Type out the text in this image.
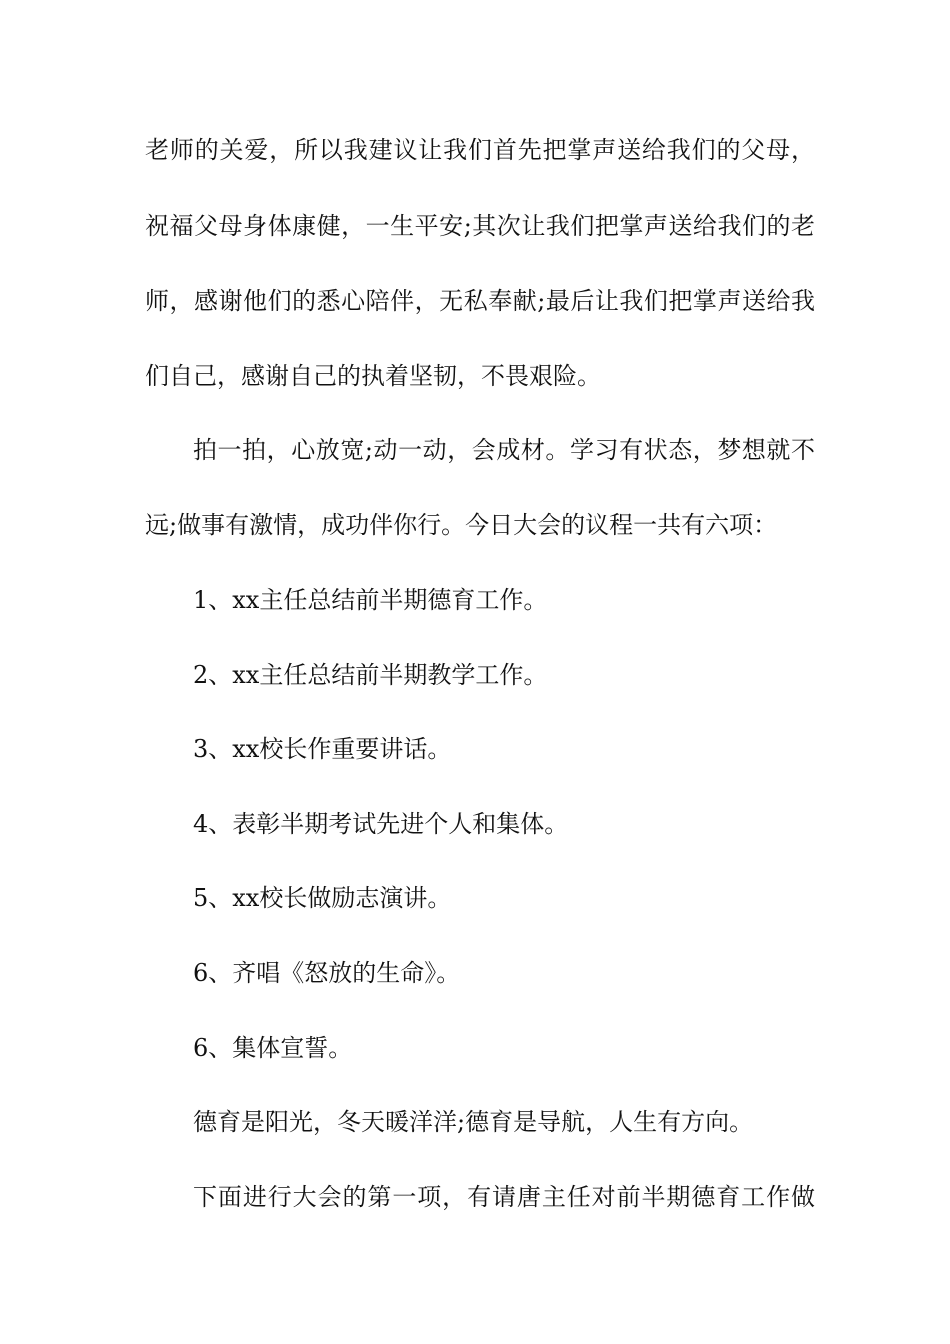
老师的关爱，所以我建议让我们首先把掌声送给我们的父母，
祝福父母身体康健，一生平安;其次让我们把掌声送给我们的老
师，感谢他们的悉心陪伴，无私奉献;最后让我们把掌声送给我
们自己，感谢自己的执着坚韧，不畏艰险。
拍一拍，心放宽;动一动，会成材。学习有状态，梦想就不
远;做事有激情，成功伴你行。今日大会的议程一共有六项：
1、xx主任总结前半期德育工作。
2、xx主任总结前半期教学工作。
3、xx校长作重要讲话。
4、表彰半期考试先进个人和集体。
5、xx校长做励志演讲。
6、齐唱《怒放的生命》。
6、集体宣誓。
德育是阳光，冬天暖洋洋;德育是导航，人生有方向。
下面进行大会的第一项，有请唐主任对前半期德育工作做
